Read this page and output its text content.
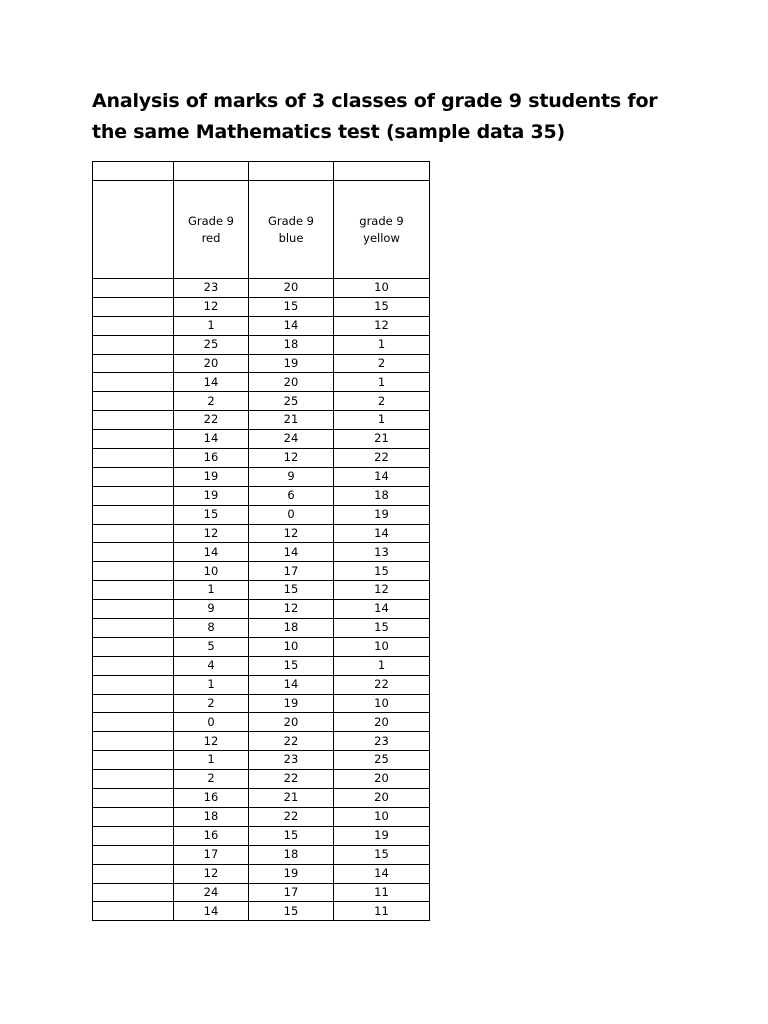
Analysis of marks of 3 classes of grade 9 students for the same Mathematics test (sample data 35)

	Grade 9 red	Grade 9 blue	grade 9 yellow
	23	20	10
	12	15	15
	1	14	12
	25	18	1
	20	19	2
	14	20	1
	2	25	2
	22	21	1
	14	24	21
	16	12	22
	19	9	14
	19	6	18
	15	0	19
	12	12	14
	14	14	13
	10	17	15
	1	15	12
	9	12	14
	8	18	15
	5	10	10
	4	15	1
	1	14	22
	2	19	10
	0	20	20
	12	22	23
	1	23	25
	2	22	20
	16	21	20
	18	22	10
	16	15	19
	17	18	15
	12	19	14
	24	17	11
	14	15	11
